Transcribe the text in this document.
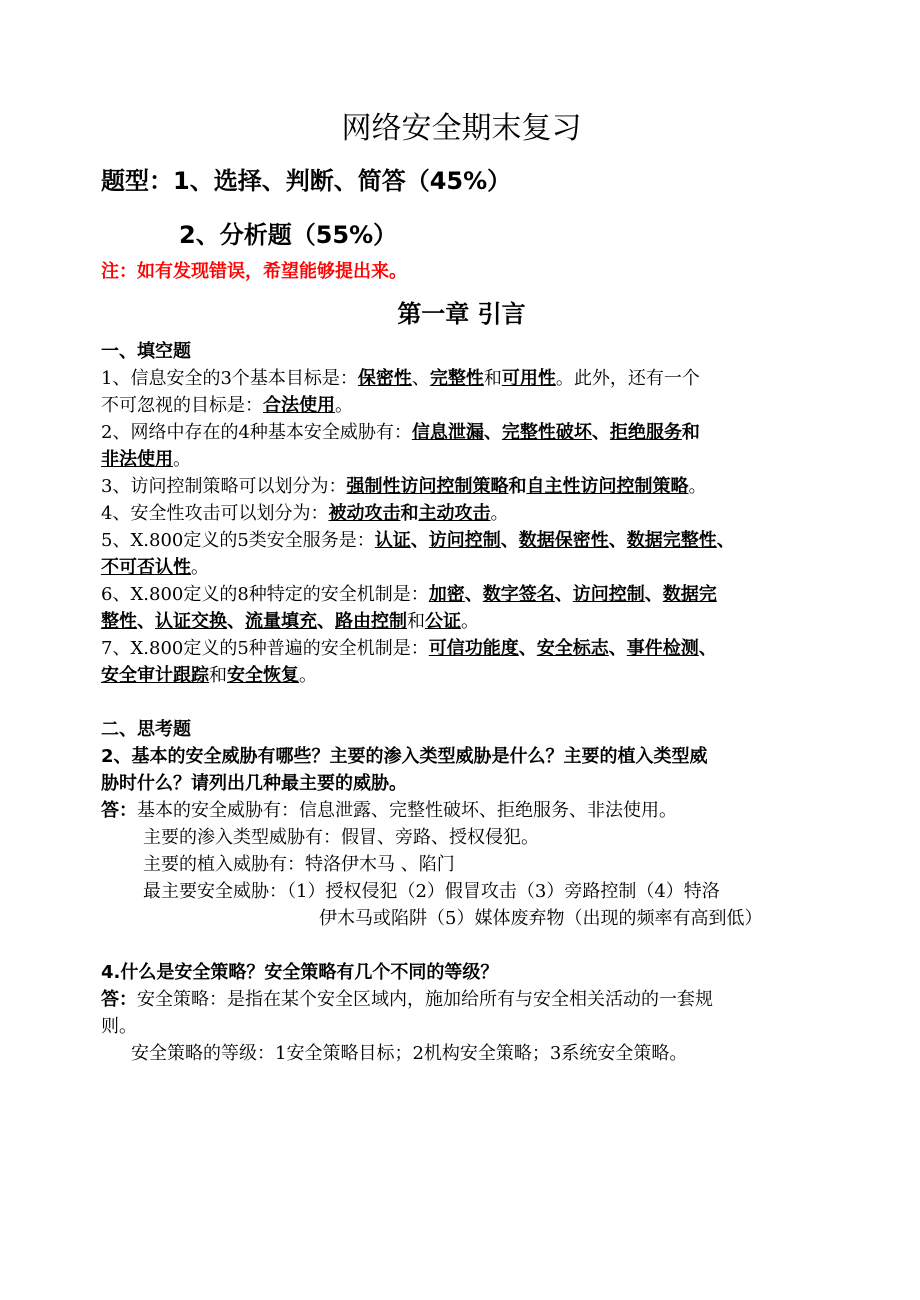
网络安全期末复习

题型：1、选择、判断、简答（45%）

2、分析题（55%）

注：如有发现错误，希望能够提出来。

第一章 引言

一、填空题

1、信息安全的3个基本目标是：保密性、完整性和可用性。此外，还有一个

不可忽视的目标是：合法使用。

2、网络中存在的4种基本安全威胁有：信息泄漏、完整性破坏、拒绝服务和

非法使用。

3、访问控制策略可以划分为：强制性访问控制策略和自主性访问控制策略。

4、安全性攻击可以划分为：被动攻击和主动攻击。

5、X.800定义的5类安全服务是：认证、访问控制、数据保密性、数据完整性、

不可否认性。

6、X.800定义的8种特定的安全机制是：加密、数字签名、访问控制、数据完

整性、认证交换、流量填充、路由控制和公证。

7、X.800定义的5种普遍的安全机制是：可信功能度、安全标志、事件检测、

安全审计跟踪和安全恢复。

二、思考题

2、基本的安全威胁有哪些？主要的渗入类型威胁是什么？主要的植入类型威

胁时什么？请列出几种最主要的威胁。

答：基本的安全威胁有：信息泄露、完整性破坏、拒绝服务、非法使用。

主要的渗入类型威胁有：假冒、旁路、授权侵犯。

主要的植入威胁有：特洛伊木马 、陷门

最主要安全威胁：（1）授权侵犯（2）假冒攻击（3）旁路控制（4）特洛

伊木马或陷阱（5）媒体废弃物（出现的频率有高到低）

4.什么是安全策略？安全策略有几个不同的等级？

答：安全策略：是指在某个安全区域内，施加给所有与安全相关活动的一套规

则。

安全策略的等级：1安全策略目标；2机构安全策略；3系统安全策略。
